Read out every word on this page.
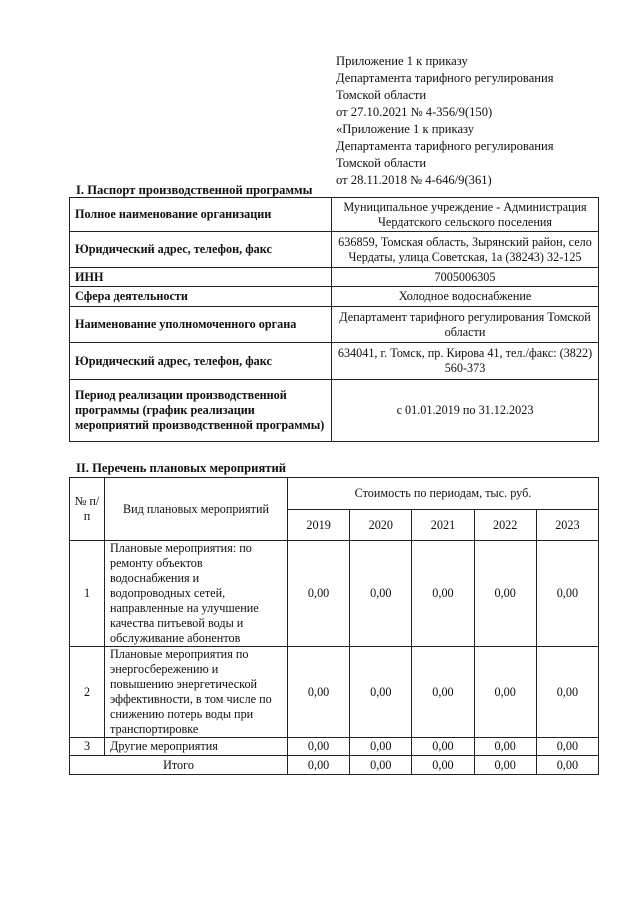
Приложение 1 к приказу
Департамента тарифного регулирования
Томской области
от 27.10.2021 № 4-356/9(150)
«Приложение 1 к приказу
Департамента тарифного регулирования
Томской области
от 28.11.2018 № 4-646/9(361)
I. Паспорт производственной программы
Полное наименование организации	Муниципальное учреждение - Администрация Чердатского сельского поселения
Юридический адрес, телефон, факс	636859, Томская область, Зырянский район, село Чердаты, улица Советская, 1а (38243) 32-125
ИНН	7005006305
Сфера деятельности	Холодное водоснабжение
Наименование уполномоченного органа	Департамент тарифного регулирования Томской области
Юридический адрес, телефон, факс	634041, г. Томск, пр. Кирова 41, тел./факс: (3822) 560-373
Период реализации производственной программы (график реализации мероприятий производственной программы)	с 01.01.2019 по 31.12.2023
II. Перечень плановых мероприятий
№ п/п	Вид плановых мероприятий	Стоимость по периодам, тыс. руб.				
		2019	2020	2021	2022	2023
1	Плановые мероприятия: по ремонту объектов водоснабжения и водопроводных сетей, направленные на улучшение качества питьевой воды и обслуживание абонентов	0,00	0,00	0,00	0,00	0,00
2	Плановые мероприятия по энергосбережению и повышению энергетической эффективности, в том числе по снижению потерь воды при транспортировке	0,00	0,00	0,00	0,00	0,00
3	Другие мероприятия	0,00	0,00	0,00	0,00	0,00
Итого		0,00	0,00	0,00	0,00	0,00
